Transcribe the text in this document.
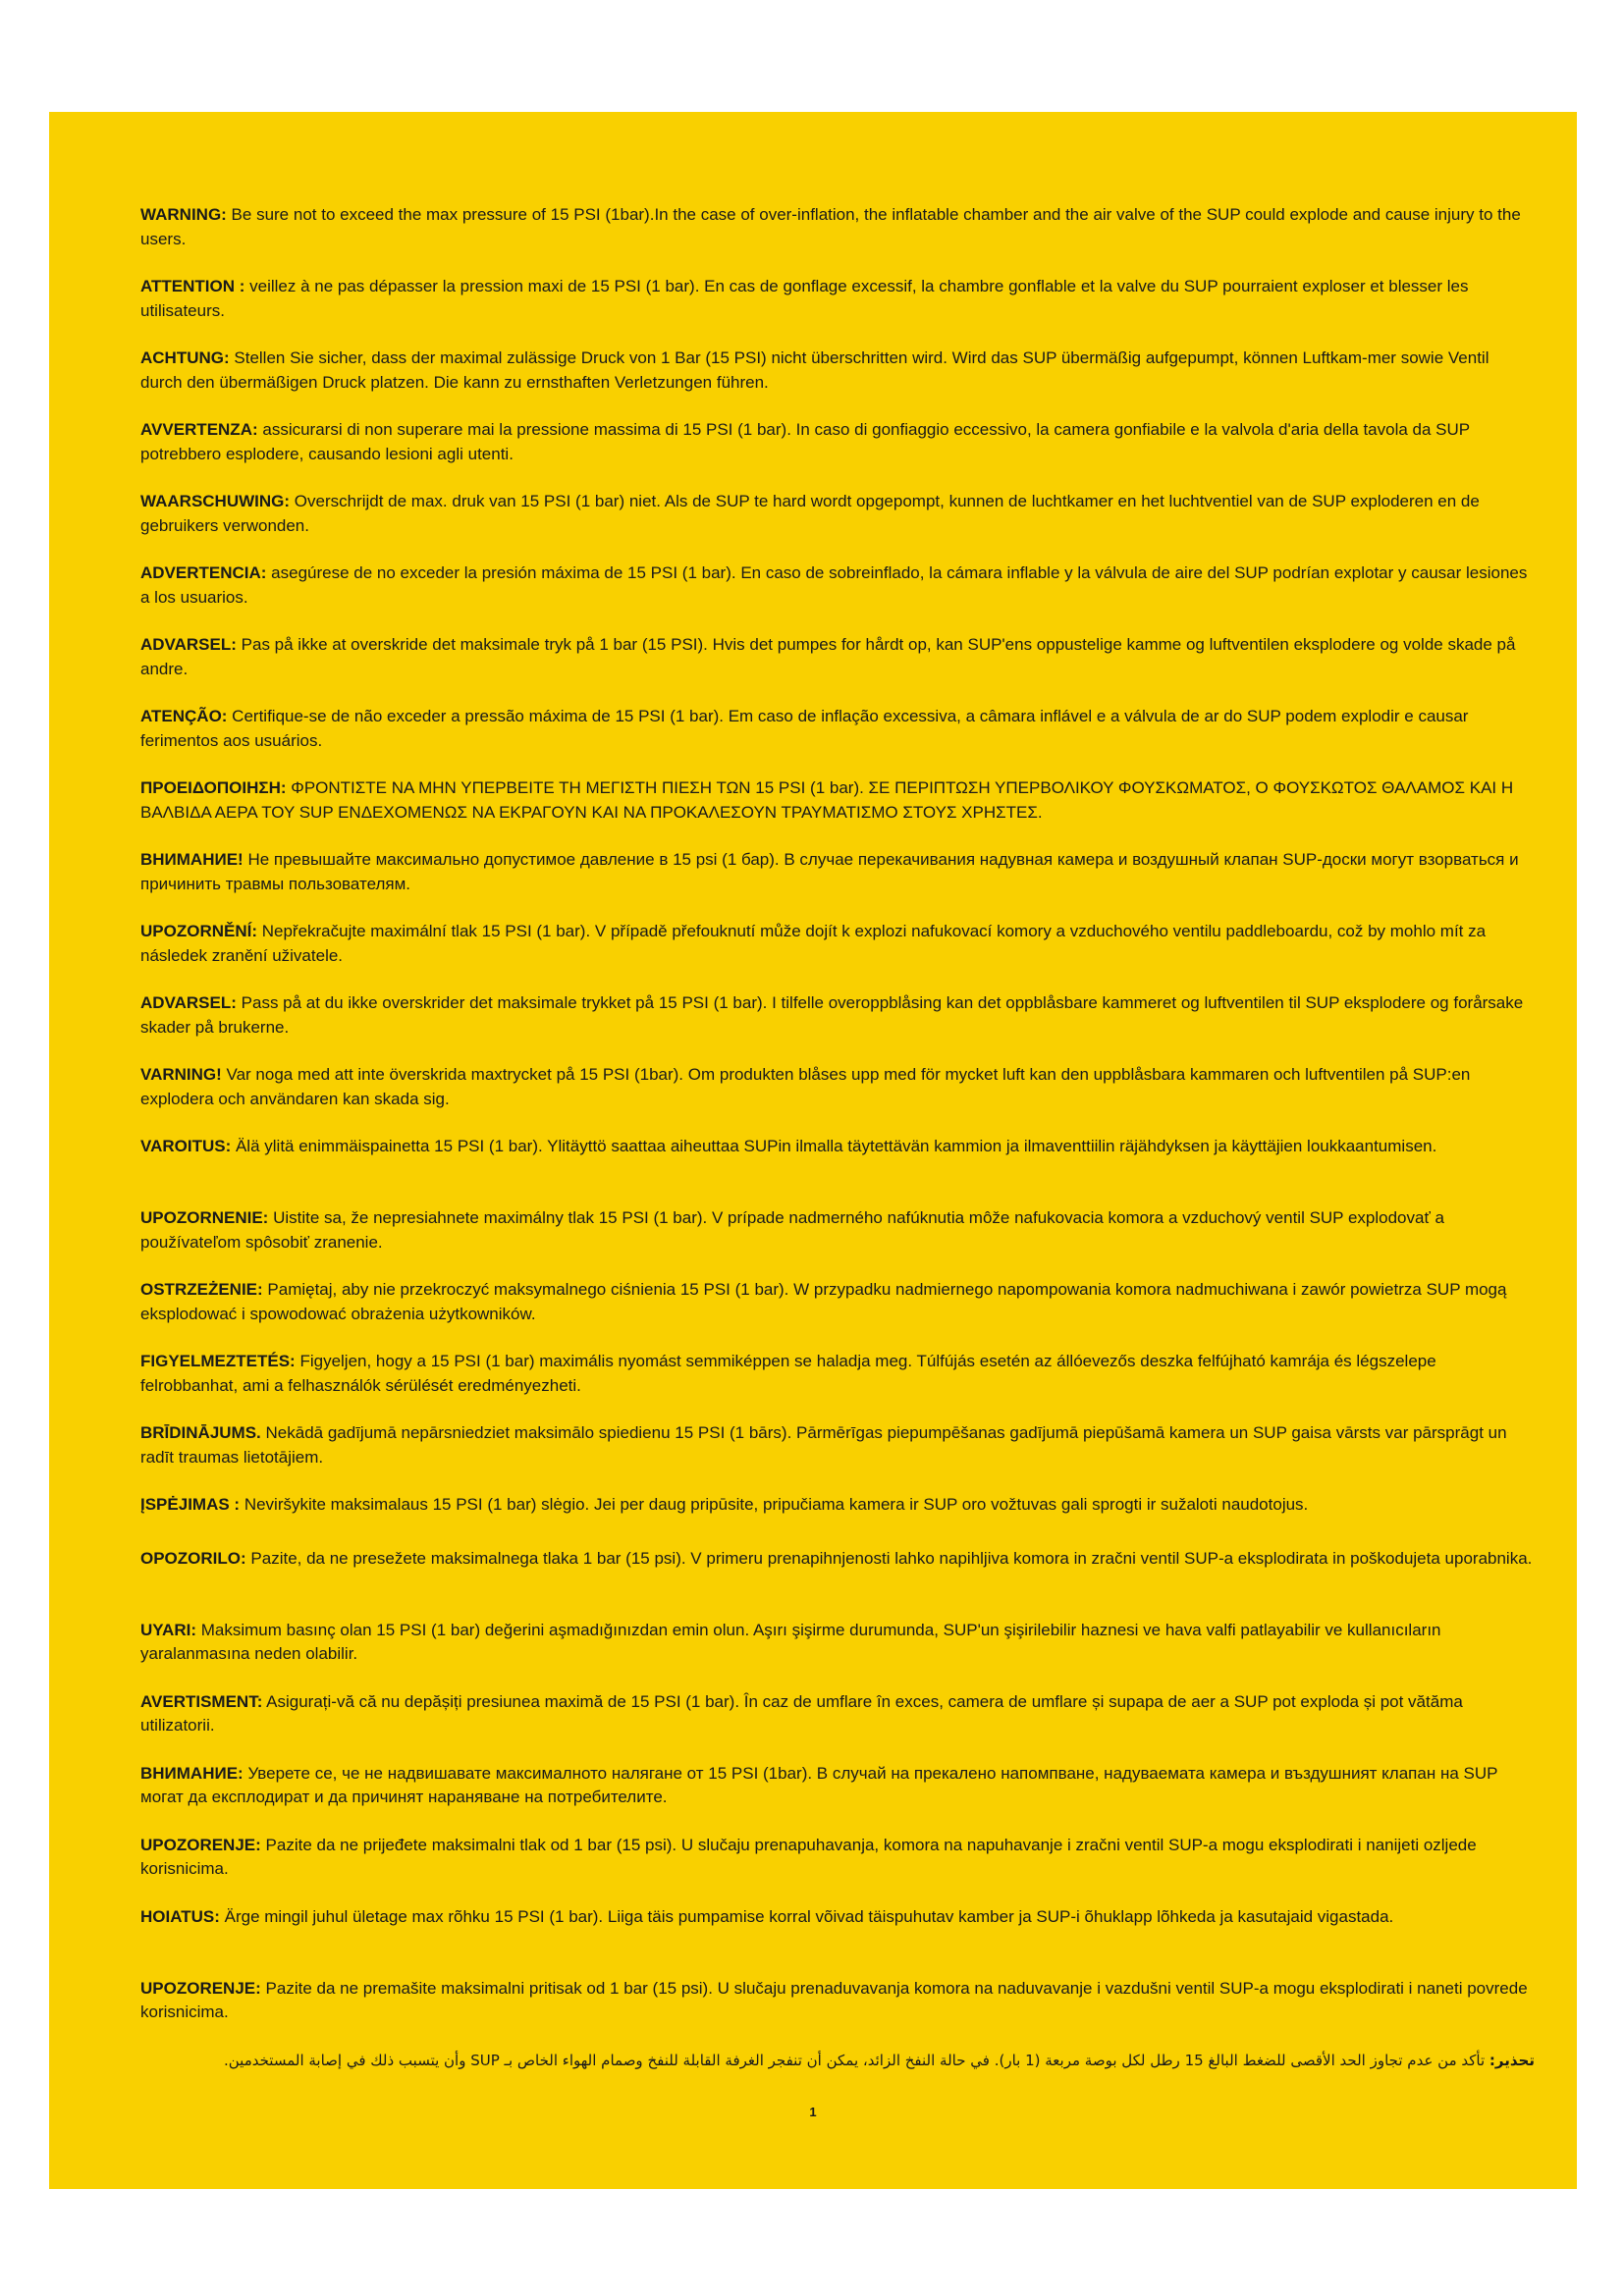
WARNING: Be sure not to exceed the max pressure of 15 PSI (1bar).In the case of over-inflation, the inflatable chamber and the air valve of the SUP could explode and cause injury to the users.

ATTENTION : veillez à ne pas dépasser la pression maxi de 15 PSI (1 bar). En cas de gonflage excessif, la chambre gonflable et la valve du SUP pourraient exploser et blesser les utilisateurs.

ACHTUNG: Stellen Sie sicher, dass der maximal zulässige Druck von 1 Bar (15 PSI) nicht überschritten wird. Wird das SUP übermäßig aufgepumpt, können Luftkam-mer sowie Ventil durch den übermäßigen Druck platzen. Die kann zu ernsthaften Verletzungen führen.

AVVERTENZA: assicurarsi di non superare mai la pressione massima di 15 PSI (1 bar). In caso di gonfiaggio eccessivo, la camera gonfiabile e la valvola d'aria della tavola da SUP potrebbero esplodere, causando lesioni agli utenti.

WAARSCHUWING: Overschrijdt de max. druk van 15 PSI (1 bar) niet. Als de SUP te hard wordt opgepompt, kunnen de luchtkamer en het luchtventiel van de SUP exploderen en de gebruikers verwonden.

ADVERTENCIA: asegúrese de no exceder la presión máxima de 15 PSI (1 bar). En caso de sobreinflado, la cámara inflable y la válvula de aire del SUP podrían explotar y causar lesiones a los usuarios.

ADVARSEL: Pas på ikke at overskride det maksimale tryk på 1 bar (15 PSI). Hvis det pumpes for hårdt op, kan SUP'ens oppustelige kamme og luftventilen eksplodere og volde skade på andre.

ATENÇÃO: Certifique-se de não exceder a pressão máxima de 15 PSI (1 bar). Em caso de inflação excessiva, a câmara inflável e a válvula de ar do SUP podem explodir e causar ferimentos aos usuários.

ΠΡΟΕΙΔΟΠΟΙΗΣΗ: ΦΡΟΝΤΙΣΤΕ ΝΑ ΜΗΝ ΥΠΕΡΒΕΙΤΕ ΤΗ ΜΕΓΙΣΤΗ ΠΙΕΣΗ ΤΩΝ 15 PSI (1 bar). ΣΕ ΠΕΡΙΠΤΩΣΗ ΥΠΕΡΒΟΛΙΚΟΥ ΦΟΥΣΚΩΜΑΤΟΣ, Ο ΦΟΥΣΚΩΤΟΣ ΘΑΛΑΜΟΣ ΚΑΙ Η ΒΑΛΒΙΔΑ ΑΕΡΑ ΤΟΥ SUP ΕΝΔΕΧΟΜΕΝΩΣ ΝΑ ΕΚΡΑΓΟΥΝ ΚΑΙ ΝΑ ΠΡΟΚΑΛΕΣΟΥΝ ΤΡΑΥΜΑΤΙΣΜΟ ΣΤΟΥΣ ΧΡΗΣΤΕΣ.

ВНИМАНИЕ! Не превышайте максимально допустимое давление в 15 psi (1 бар). В случае перекачивания надувная камера и воздушный клапан SUP-доски могут взорваться и причинить травмы пользователям.

UPOZORNĚNÍ: Nepřekračujte maximální tlak 15 PSI (1 bar). V případě přefouknutí může dojít k explozi nafukovací komory a vzduchového ventilu paddleboardu, což by mohlo mít za následek zranění uživatele.

ADVARSEL: Pass på at du ikke overskrider det maksimale trykket på 15 PSI (1 bar). I tilfelle overoppblåsing kan det oppblåsbare kammeret og luftventilen til SUP eksplodere og forårsake skader på brukerne.

VARNING! Var noga med att inte överskrida maxtrycket på 15 PSI (1bar). Om produkten blåses upp med för mycket luft kan den uppblåsbara kammaren och luftventilen på SUP:en explodera och användaren kan skada sig.

VAROITUS: Älä ylitä enimmäispainetta 15 PSI (1 bar). Ylitäyttö saattaa aiheuttaa SUPin ilmalla täytettävän kammion ja ilmaventtiilin räjähdyksen ja käyttäjien loukkaantumisen.

UPOZORNENIE: Uistite sa, že nepresiahnete maximálny tlak 15 PSI (1 bar). V prípade nadmerného nafúknutia môže nafukovacia komora a vzduchový ventil SUP explodovať a používateľom spôsobiť zranenie.

OSTRZEŻENIE: Pamiętaj, aby nie przekroczyć maksymalnego ciśnienia 15 PSI (1 bar). W przypadku nadmiernego napompowania komora nadmuchiwana i zawór powietrza SUP mogą eksplodować i spowodować obrażenia użytkowników.

FIGYELMEZTETÉS: Figyeljen, hogy a 15 PSI (1 bar) maximális nyomást semmiképpen se haladja meg. Túlfújás esetén az állóevezős deszka felfújható kamrája és légszelepe felrobbanhat, ami a felhasználók sérülését eredményezheti.

BRĪDINĀJUMS. Nekādā gadījumā nepārsniedziet maksimālo spiedienu 15 PSI (1 bārs). Pārmērīgas piepumpēšanas gadījumā piepūšamā kamera un SUP gaisa vārsts var pārsprāgt un radīt traumas lietotājiem.

ĮSPĖJIMAS : Neviršykite maksimalaus 15 PSI (1 bar) slėgio. Jei per daug pripūsite, pripučiama kamera ir SUP oro vožtuvas gali sprogti ir sužaloti naudotojus.

OPOZORILO: Pazite, da ne presežete maksimalnega tlaka 1 bar (15 psi). V primeru prenapihnjenosti lahko napihljiva komora in zračni ventil SUP-a eksplodirata in poškodujeta uporabnika.

UYARI: Maksimum basınç olan 15 PSI (1 bar) değerini aşmadığınızdan emin olun. Aşırı şişirme durumunda, SUP'un şişirilebilir haznesi ve hava valfi patlayabilir ve kullanıcıların yaralanmasına neden olabilir.

AVERTISMENT: Asigurați-vă că nu depășiți presiunea maximă de 15 PSI (1 bar). În caz de umflare în exces, camera de umflare și supapa de aer a SUP pot exploda și pot vătăma utilizatorii.

ВНИМАНИЕ: Уверете се, че не надвишавате максималното налягане от 15 PSI (1bar). В случай на прекалено напомпване, надуваемата камера и въздушният клапан на SUP могат да експлодират и да причинят нараняване на потребителите.

UPOZORENJE: Pazite da ne prijeđete maksimalni tlak od 1 bar (15 psi). U slučaju prenapuhavanja, komora na napuhavanje i zračni ventil SUP-a mogu eksplodirati i nanijeti ozljede korisnicima.

HOIATUS: Ärge mingil juhul ületage max rõhku 15 PSI (1 bar). Liiga täis pumpamise korral võivad täispuhutav kamber ja SUP-i õhuklapp lõhkeda ja kasutajaid vigastada.

UPOZORENJE: Pazite da ne premašite maksimalni pritisak od 1 bar (15 psi). U slučaju prenaduvavanja komora na naduvavanje i vazdušni ventil SUP-a mogu eksplodirati i naneti povrede korisnicima.

تحذير: تأكد من عدم تجاوز الحد الأقصى للضغط البالغ 15 رطل لكل بوصة مربعة (1 بار). في حالة النفخ الزائد، يمكن أن تنفجر الغرفة القابلة للنفخ وصمام الهواء الخاص بـ SUP وأن يتسبب ذلك في إصابة المستخدمين.

1
